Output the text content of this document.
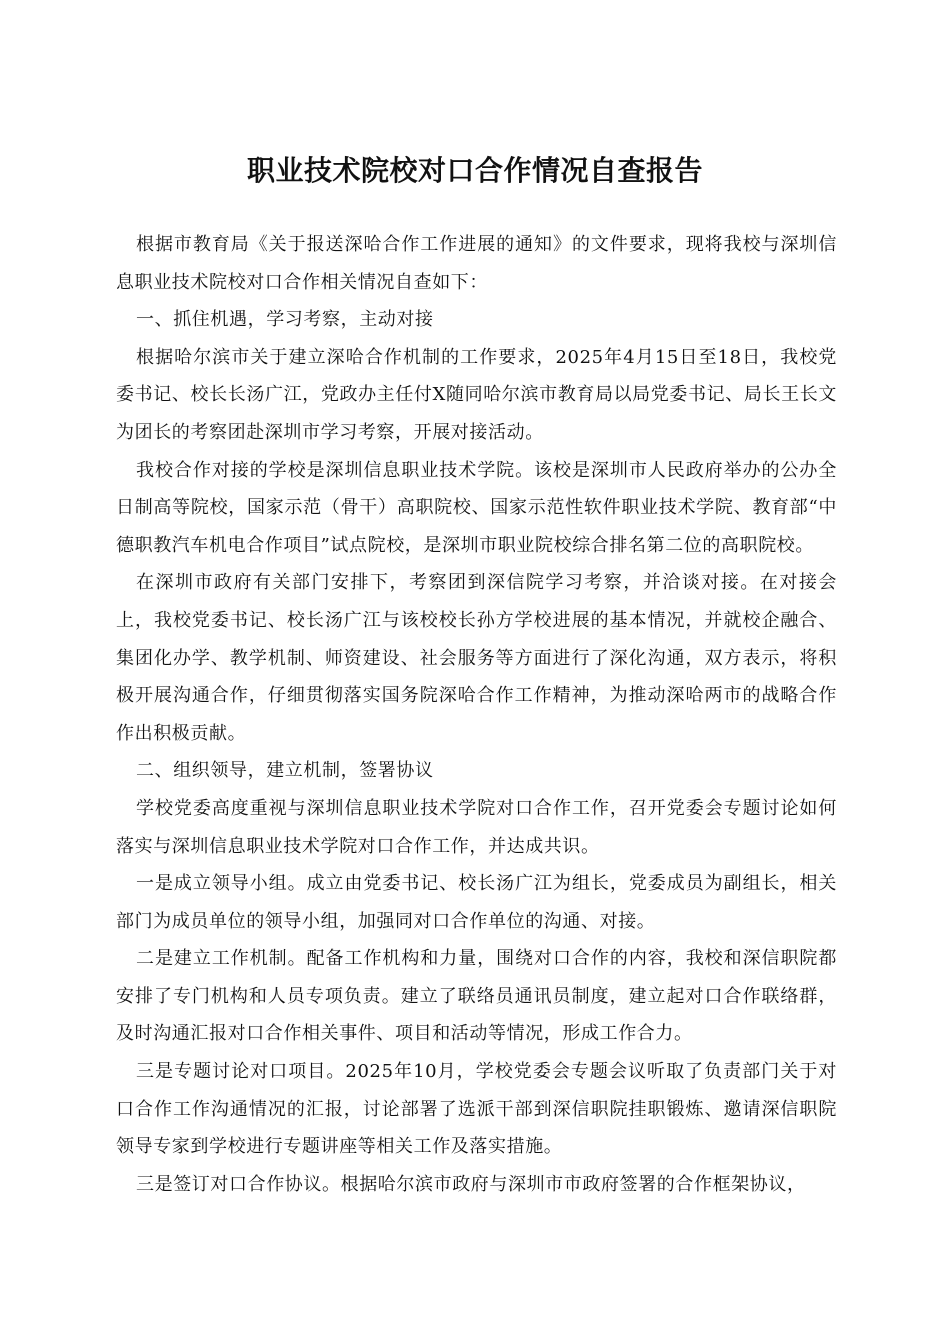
职业技术院校对口合作情况自查报告

根据市教育局《关于报送深哈合作工作进展的通知》的文件要求，现将我校与深圳信息职业技术院校对口合作相关情况自查如下：

一、抓住机遇，学习考察，主动对接

根据哈尔滨市关于建立深哈合作机制的工作要求，2025年4月15日至18日，我校党委书记、校长长汤广江，党政办主任付X随同哈尔滨市教育局以局党委书记、局长王长文为团长的考察团赴深圳市学习考察，开展对接活动。

我校合作对接的学校是深圳信息职业技术学院。该校是深圳市人民政府举办的公办全日制高等院校，国家示范（骨干）高职院校、国家示范性软件职业技术学院、教育部“中德职教汽车机电合作项目”试点院校，是深圳市职业院校综合排名第二位的高职院校。

在深圳市政府有关部门安排下，考察团到深信院学习考察，并洽谈对接。在对接会上，我校党委书记、校长汤广江与该校校长孙方学校进展的基本情况，并就校企融合、集团化办学、教学机制、师资建设、社会服务等方面进行了深化沟通，双方表示，将积极开展沟通合作，仔细贯彻落实国务院深哈合作工作精神，为推动深哈两市的战略合作作出积极贡献。

二、组织领导，建立机制，签署协议

学校党委高度重视与深圳信息职业技术学院对口合作工作，召开党委会专题讨论如何落实与深圳信息职业技术学院对口合作工作，并达成共识。

一是成立领导小组。成立由党委书记、校长汤广江为组长，党委成员为副组长，相关部门为成员单位的领导小组，加强同对口合作单位的沟通、对接。

二是建立工作机制。配备工作机构和力量，围绕对口合作的内容，我校和深信职院都安排了专门机构和人员专项负责。建立了联络员通讯员制度，建立起对口合作联络群，及时沟通汇报对口合作相关事件、项目和活动等情况，形成工作合力。

三是专题讨论对口项目。2025年10月，学校党委会专题会议听取了负责部门关于对口合作工作沟通情况的汇报，讨论部署了选派干部到深信职院挂职锻炼、邀请深信职院领导专家到学校进行专题讲座等相关工作及落实措施。

三是签订对口合作协议。根据哈尔滨市政府与深圳市市政府签署的合作框架协议，
